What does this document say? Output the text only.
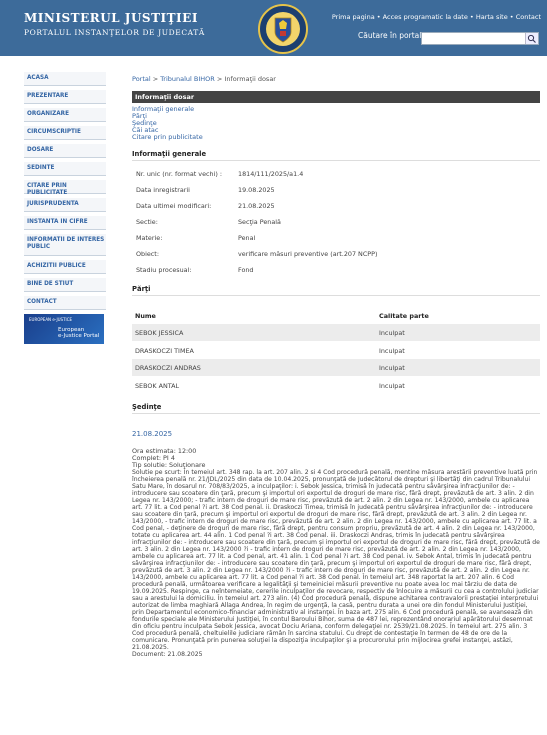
MINISTERUL JUSTIŢIEI
PORTALUL INSTANŢELOR DE JUDECATĂ
Prima pagina • Acces programatic la date • Harta site • Contact
Căutare în portal
ACASA
PREZENTARE
ORGANIZARE
CIRCUMSCRIPTIE
DOSARE
SEDINTE
CITARE PRIN PUBLICITATE
JURISPRUDENTA
INSTANTA IN CIFRE
INFORMATII DE INTERES PUBLIC
ACHIZITII PUBLICE
BINE DE STIUT
CONTACT
EUROPEAN e-JUSTICE
European
e-Justice Portal
Portal > Tribunalul BIHOR > Informaţii dosar
Informaţii dosar
Informaţii generale
Părţi
Şedinţe
Căi atac
Citare prin publicitate
Informaţii generale
Nr. unic (nr. format vechi) :	1814/111/2025/a1.4
Data inregistrarii	19.08.2025
Data ultimei modificari:	21.08.2025
Sectie:	Secţia Penală
Materie:	Penal
Obiect:	verificare măsuri preventive (art.207 NCPP)
Stadiu procesual:	Fond
Părţi
Nume	Calitate parte
SEBOK JESSICA	Inculpat
DRASKOCZI TIMEA	Inculpat
DRASKOCZI ANDRAS	Inculpat
SEBOK ANTAL	Inculpat
Şedinţe
21.08.2025
Ora estimata: 12:00
Complet: PI 4
Tip solutie: Soluţionare
Solutie pe scurt: În temeiul art. 348 rap. la art. 207 alin. 2 si 4 Cod procedură penală, mentine măsura arestării preventive luată prin încheierea penală nr. 21/JDL/2025 din data de 10.04.2025, pronunţată de Judecătorul de drepturi şi libertăţi din cadrul Tribunalului Satu Mare, în dosarul nr. 708/83/2025, a inculpaţilor: i. Sebok Jessica, trimisă în judecată pentru săvârşirea infracţiunilor de: - introducere sau scoatere din ţară, precum şi importul ori exportul de droguri de mare risc, fără drept, prevăzută de art. 3 alin. 2 din Legea nr. 143/2000; - trafic intern de droguri de mare risc, prevăzută de art. 2 alin. 2 din Legea nr. 143/2000, ambele cu aplicarea art. 77 lit. a Cod penal ?i art. 38 Cod penal. ii. Draskoczi Timea, trimisă în judecată pentru săvârşirea infracţiunilor de: - introducere sau scoatere din ţară, precum şi importul ori exportul de droguri de mare risc, fără drept, prevăzută de art. 3 alin. 2 din Legea nr. 143/2000, - trafic intern de droguri de mare risc, prevăzută de art. 2 alin. 2 din Legea nr. 143/2000, ambele cu aplicarea art. 77 lit. a Cod penal, - deţinere de droguri de mare risc, fără drept, pentru consum propriu, prevăzută de art. 4 alin. 2 din Legea nr. 143/2000, totate cu aplicarea art. 44 alin. 1 Cod penal ?i art. 38 Cod penal. iii. Draskoczi Andras, trimis în judecată pentru săvârşirea infracţiunilor de: - introducere sau scoatere din ţară, precum şi importul ori exportul de droguri de mare risc, fără drept, prevăzută de art. 3 alin. 2 din Legea nr. 143/2000 ?i - trafic intern de droguri de mare risc, prevăzută de art. 2 alin. 2 din Legea nr. 143/2000, ambele cu aplicarea art. 77 lit. a Cod penal, art. 41 alin. 1 Cod penal ?i art. 38 Cod penal. iv. Sebok Antal, trimis în judecată pentru săvârşirea infracţiunilor de: - introducere sau scoatere din ţară, precum şi importul ori exportul de droguri de mare risc, fără drept, prevăzută de art. 3 alin. 2 din Legea nr. 143/2000 ?i - trafic intern de droguri de mare risc, prevăzută de art. 2 alin. 2 din Legea nr. 143/2000, ambele cu aplicarea art. 77 lit. a Cod penal ?i art. 38 Cod penal. În temeiul art. 348 raportat la art. 207 alin. 6 Cod procedură penală, următoarea verificare a legalităţii şi temeiniciei măsurii preventive nu poate avea loc mai târziu de data de 19.09.2025. Respinge, ca neîntemeiate, cererile inculpaţilor de revocare, respectiv de înlocuire a măsurii cu cea a controlului judiciar sau a arestului la domiciliu. În temeiul art. 273 alin. (4) Cod procedură penală, dispune achitarea contravalorii prestaţiei interpretului autorizat de limba maghiară Allaga Andrea, în regim de urgenţă, la casă, pentru durata a unei ore din fondul Ministerului Justiţiei, prin Departamentul economico-financiar administrativ al instanţei. În baza art. 275 alin. 6 Cod procedură penală, se avansează din fondurile speciale ale Ministerului Justiţiei, în contul Baroului Bihor, suma de 487 lei, reprezentând onorariul apărătorului desemnat din oficiu pentru inculpata Sebok Jessica, avocat Dociu Ariana, conform delegaţiei nr. 2539/21.08.2025. În temeiul art. 275 alin. 3 Cod procedură penală, cheltuielile judiciare rămân în sarcina statului. Cu drept de contestaţie în termen de 48 de ore de la comunicare. Pronunţată prin punerea soluţiei la dispoziţia inculpaţilor şi a procurorului prin mijlocirea grefei instanţei, astăzi, 21.08.2025.
Document: 21.08.2025
